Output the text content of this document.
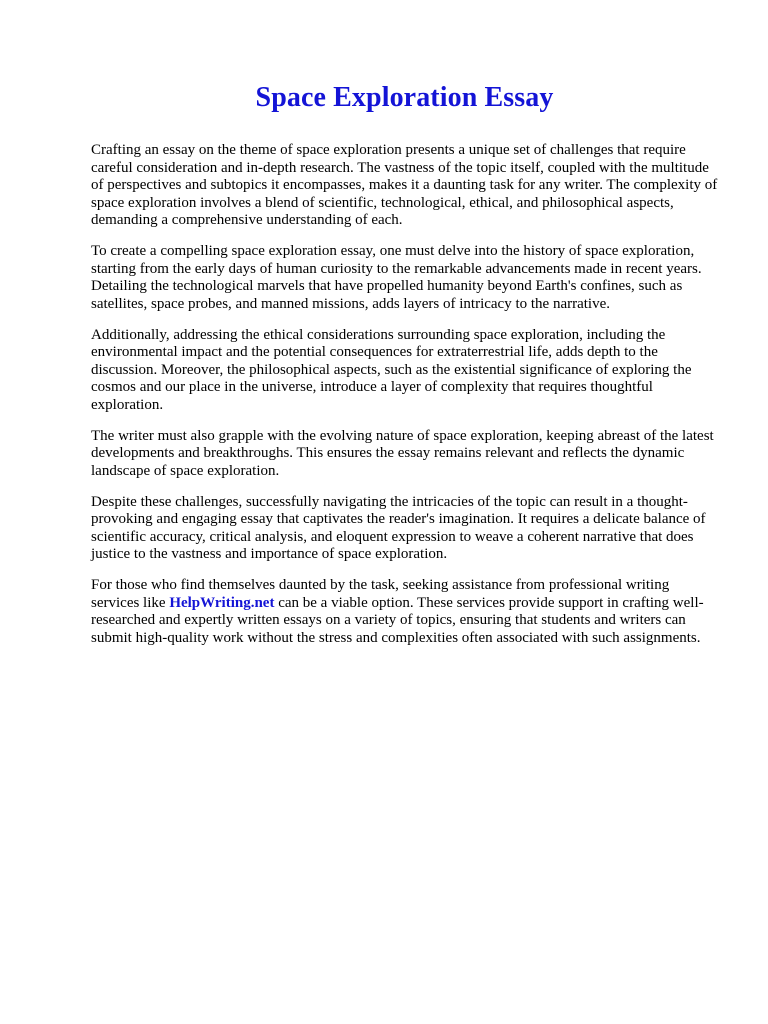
Space Exploration Essay

Crafting an essay on the theme of space exploration presents a unique set of challenges that require careful consideration and in-depth research. The vastness of the topic itself, coupled with the multitude of perspectives and subtopics it encompasses, makes it a daunting task for any writer. The complexity of space exploration involves a blend of scientific, technological, ethical, and philosophical aspects, demanding a comprehensive understanding of each.

To create a compelling space exploration essay, one must delve into the history of space exploration, starting from the early days of human curiosity to the remarkable advancements made in recent years. Detailing the technological marvels that have propelled humanity beyond Earth's confines, such as satellites, space probes, and manned missions, adds layers of intricacy to the narrative.

Additionally, addressing the ethical considerations surrounding space exploration, including the environmental impact and the potential consequences for extraterrestrial life, adds depth to the discussion. Moreover, the philosophical aspects, such as the existential significance of exploring the cosmos and our place in the universe, introduce a layer of complexity that requires thoughtful exploration.

The writer must also grapple with the evolving nature of space exploration, keeping abreast of the latest developments and breakthroughs. This ensures the essay remains relevant and reflects the dynamic landscape of space exploration.

Despite these challenges, successfully navigating the intricacies of the topic can result in a thought-provoking and engaging essay that captivates the reader's imagination. It requires a delicate balance of scientific accuracy, critical analysis, and eloquent expression to weave a coherent narrative that does justice to the vastness and importance of space exploration.

For those who find themselves daunted by the task, seeking assistance from professional writing services like HelpWriting.net can be a viable option. These services provide support in crafting well-researched and expertly written essays on a variety of topics, ensuring that students and writers can submit high-quality work without the stress and complexities often associated with such assignments.
